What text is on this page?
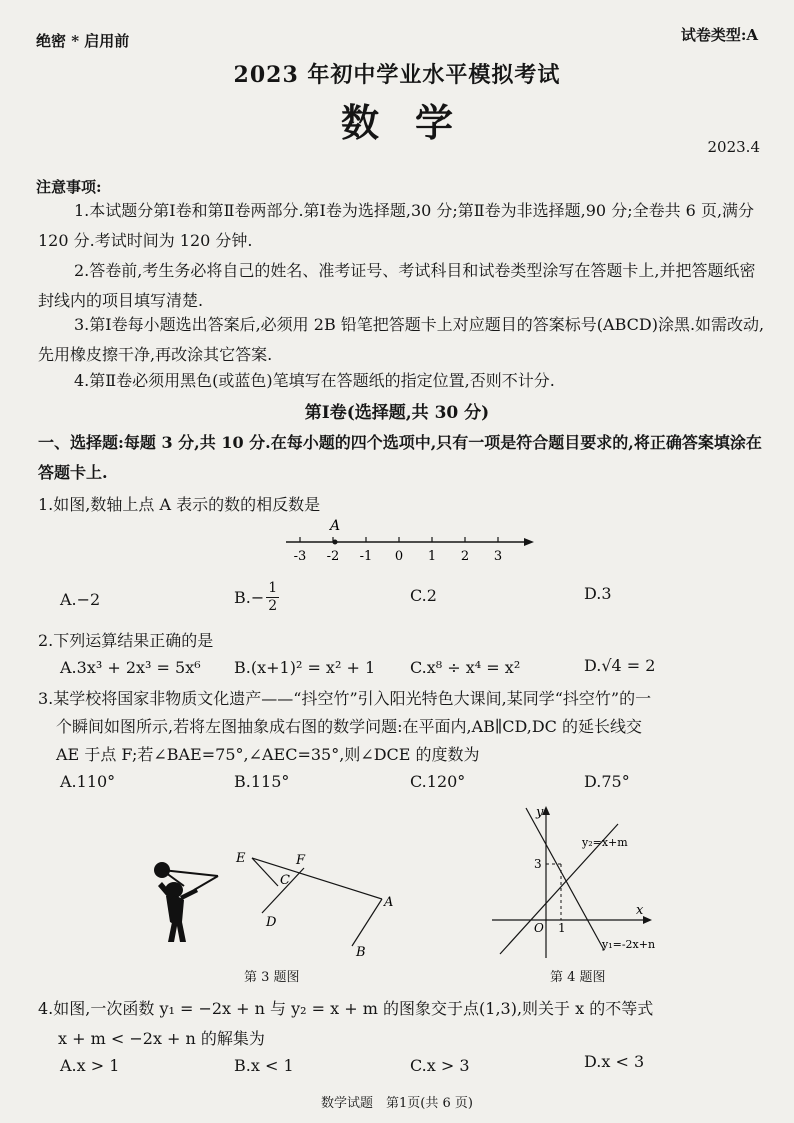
绝密 * 启用前	试卷类型:A
2023 年初中学业水平模拟考试
数学
2023.4
注意事项:
1.本试题分第Ⅰ卷和第Ⅱ卷两部分.第Ⅰ卷为选择题,30 分;第Ⅱ卷为非选择题,90 分;全卷共 6 页,满分 120 分.考试时间为 120 分钟.
2.答卷前,考生务必将自己的姓名、准考证号、考试科目和试卷类型涂写在答题卡上,并把答题纸密封线内的项目填写清楚.
3.第Ⅰ卷每小题选出答案后,必须用 2B 铅笔把答题卡上对应题目的答案标号(ABCD)涂黑.如需改动,先用橡皮擦干净,再改涂其它答案.
4.第Ⅱ卷必须用黑色(或蓝色)笔填写在答题纸的指定位置,否则不计分.
第Ⅰ卷(选择题,共 30 分)
一、选择题:每题 3 分,共 10 分.在每小题的四个选项中,只有一项是符合题目要求的,将正确答案填涂在答题卡上.
1.如图,数轴上点 A 表示的数的相反数是
-3 -2 -1 0 1 2 3
A
A.−2	$B.- \frac{1}{2}$	C.2	D.3
2.下列运算结果正确的是
A.3x³ + 2x³ = 5x⁶ B.(x+1)² = x² + 1 C.x⁸ ÷ x⁴ = x²	D.√4 = 2
3.某学校将国家非物质文化遗产——“抖空竹”引入阳光特色大课间,某同学“抖空竹”的一
个瞬间如图所示,若将左图抽象成右图的数学问题:在平面内,AB∥CD,DC 的延长线交
AE 于点 F;若∠BAE=75°,∠AEC=35°,则∠DCE 的度数为
A.110°	B.115°	C.120°	D.75°
E	F
C
D
A
B
第 3 题图
y
x
O 1
3
y₂=x+m
y₁=-2x+n
第 4 题图
4.如图,一次函数 y₁ = −2x + n 与 y₂ = x + m 的图象交于点(1,3),则关于 x 的不等式
x + m < −2x + n 的解集为
A.x > 1	B.x < 1	C.x > 3	D.x < 3
数学试题　第1页(共 6 页)
